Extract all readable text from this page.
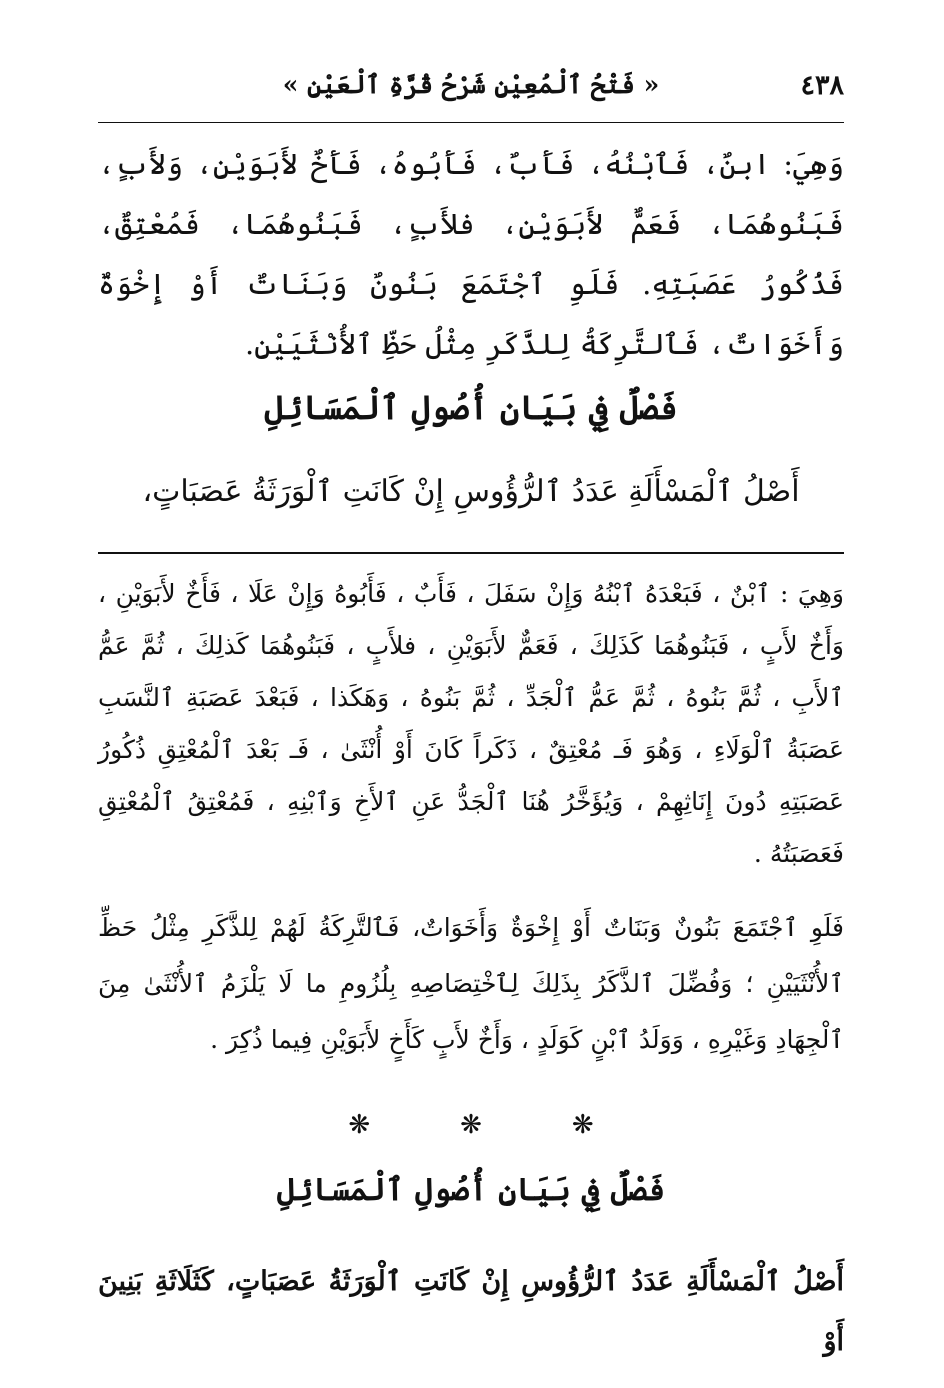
٤٣٨
« فَتْحُ ٱلْمُعِيْنِ شَرْحُ قُرَّةِ ٱلْعَيْنِ »
وَهِيَ: ابنٌ، فَٱبْنُهُ، فَأَبٌ، فَأَبُوهُ، فَأَخٌ لأَبَوَيْنِ، وَلأَبٍ، فَبَنُوهُمَا، فَعَمٌّ لأَبَوَيْنِ، فلأَبٍ، فَبَنُوهُمَا، فَمُعْتِقٌ، فَذُكُورُ عَصَبَتِهِ. فَلَوِ ٱجْتَمَعَ بَنُونٌ وَبَنَاتٌ أَوْ إِخْوَةٌ وَأَخَوَاتٌ، فَٱلتَّرِكَةُ لِلذَّكَرِ مِثْلُ حَظِّ ٱلأُنْثَيَيْنِ.
فَصْلٌ فِي بَيَانِ أُصُولِ ٱلْمَسَائِلِ
أَصْلُ ٱلْمَسْأَلَةِ عَدَدُ ٱلرُّؤُوسِ إِنْ كَانَتِ ٱلْوَرَثَةُ عَصَبَاتٍ،
وَهِيَ : ٱبْنٌ ، فَبَعْدَهُ ٱبْنُهُ وَإِنْ سَفَلَ ، فَأَبٌ ، فَأَبُوهُ وَإِنْ عَلَا ، فَأَخٌ لأَبَوَيْنِ ، وَأَخٌ لأَبٍ ، فَبَنُوهُمَا كَذَلِكَ ، فَعَمٌّ لأَبَوَيْنِ ، فلأَبٍ ، فَبَنُوهُمَا كَذلِكَ ، ثُمَّ عَمُّ ٱلأَبِ ، ثُمَّ بَنُوهُ ، ثُمَّ عَمُّ ٱلْجَدِّ ، ثُمَّ بَنُوهُ ، وَهَكَذا ، فَبَعْدَ عَصَبَةِ ٱلنَّسَبِ عَصَبَةُ ٱلْوَلَاءِ ، وَهُوَ فَـ مُعْتِقٌ ، ذَكَراً كَانَ أَوْ أُنْثَىٰ ، فَـ بَعْدَ ٱلْمُعْتِقِ ذُكُورُ عَصَبَتِهِ دُونَ إِنَاثِهِمْ ، وَيُؤَخَّرُ هُنَا ٱلْجَدُّ عَنِ ٱلأَخِ وَٱبْنِهِ ، فَمُعْتِقُ ٱلْمُعْتِقِ فَعَصَبَتُهُ .
فَلَوِ ٱجْتَمَعَ بَنُونٌ وَبَنَاتٌ أَوْ إِخْوَةٌ وَأَخَوَاتٌ، فَٱلتَّرِكَةُ لَهُمْ لِلذَّكَرِ مِثْلُ حَظِّ ٱلأُنْثَيَيْنِ ؛ وَفُضِّلَ ٱلذَّكَرُ بِذَلِكَ لِٱخْتِصَاصِهِ بِلُزُومِ ما لَا يَلْزَمُ ٱلأُنْثَىٰ مِنَ ٱلْجِهَادِ وَغَيْرِهِ ، وَوَلَدُ ٱبْنٍ كَوَلَدٍ ، وَأَخٌ لأَبٍ كَأَخٍ لأَبَوَيْنِ فِيما ذُكِرَ .
❋
❋
❋
فَصْلٌ فِي بَيَانِ أُصُولِ ٱلْمَسَائِلِ
أَصْلُ ٱلْمَسْأَلَةِ عَدَدُ ٱلرُّؤُوسِ إِنْ كَانَتِ ٱلْوَرَثَةُ عَصَبَاتٍ، كَثَلَاثَةِ بَنِينَ أَوْ
